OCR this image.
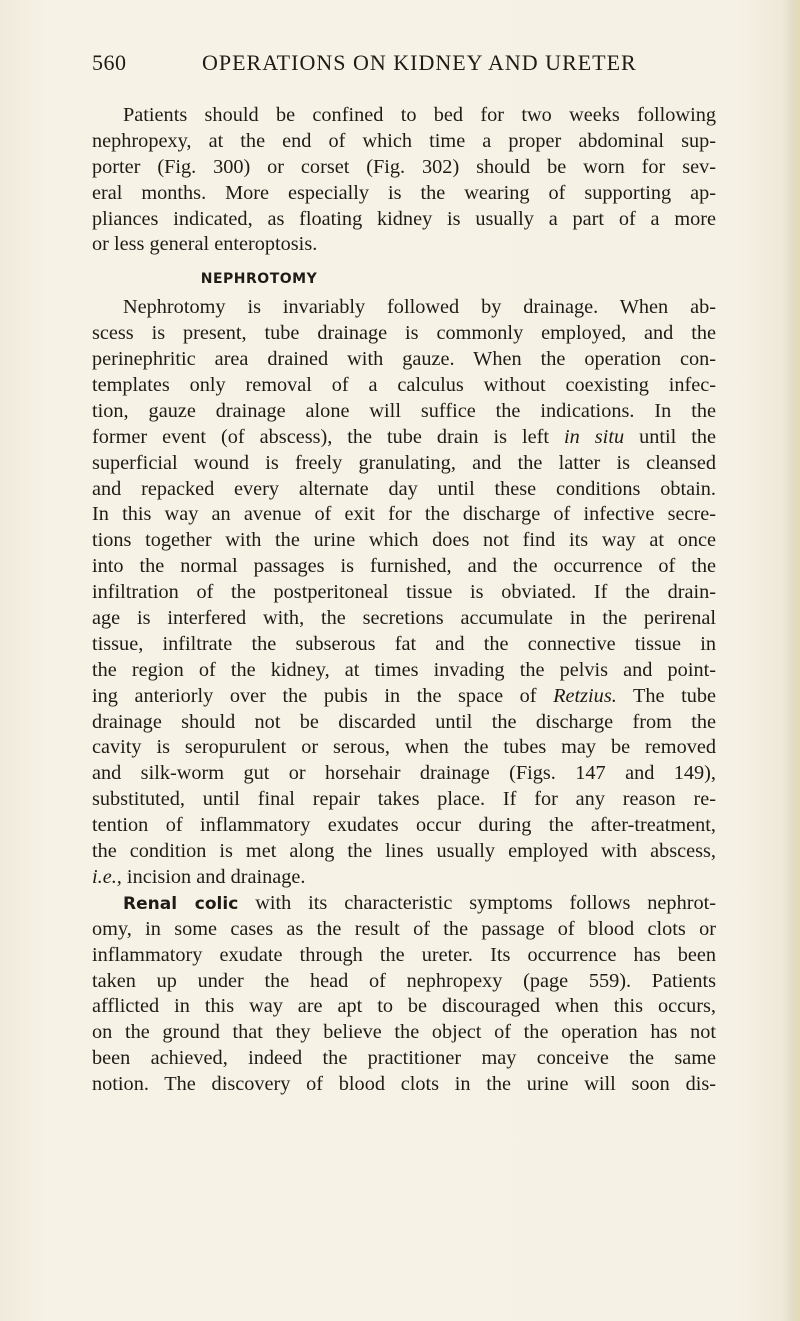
560	OPERATIONS ON KIDNEY AND URETER
Patients should be confined to bed for two weeks following
nephropexy, at the end of which time a proper abdominal sup-
porter (Fig. 300) or corset (Fig. 302) should be worn for sev-
eral months. More especially is the wearing of supporting ap-
pliances indicated, as floating kidney is usually a part of a more
or less general enteroptosis.
NEPHROTOMY
Nephrotomy is invariably followed by drainage. When ab-
scess is present, tube drainage is commonly employed, and the
perinephritic area drained with gauze. When the operation con-
templates only removal of a calculus without coexisting infec-
tion, gauze drainage alone will suffice the indications. In the
former event (of abscess), the tube drain is left in situ until the
superficial wound is freely granulating, and the latter is cleansed
and repacked every alternate day until these conditions obtain.
In this way an avenue of exit for the discharge of infective secre-
tions together with the urine which does not find its way at once
into the normal passages is furnished, and the occurrence of the
infiltration of the postperitoneal tissue is obviated. If the drain-
age is interfered with, the secretions accumulate in the perirenal
tissue, infiltrate the subserous fat and the connective tissue in
the region of the kidney, at times invading the pelvis and point-
ing anteriorly over the pubis in the space of Retzius. The tube
drainage should not be discarded until the discharge from the
cavity is seropurulent or serous, when the tubes may be removed
and silk-worm gut or horsehair drainage (Figs. 147 and 149),
substituted, until final repair takes place. If for any reason re-
tention of inflammatory exudates occur during the after-treatment,
the condition is met along the lines usually employed with abscess,
i.e., incision and drainage.
Renal colic with its characteristic symptoms follows nephrot-
omy, in some cases as the result of the passage of blood clots or
inflammatory exudate through the ureter. Its occurrence has been
taken up under the head of nephropexy (page 559). Patients
afflicted in this way are apt to be discouraged when this occurs,
on the ground that they believe the object of the operation has not
been achieved, indeed the practitioner may conceive the same
notion. The discovery of blood clots in the urine will soon dis-
